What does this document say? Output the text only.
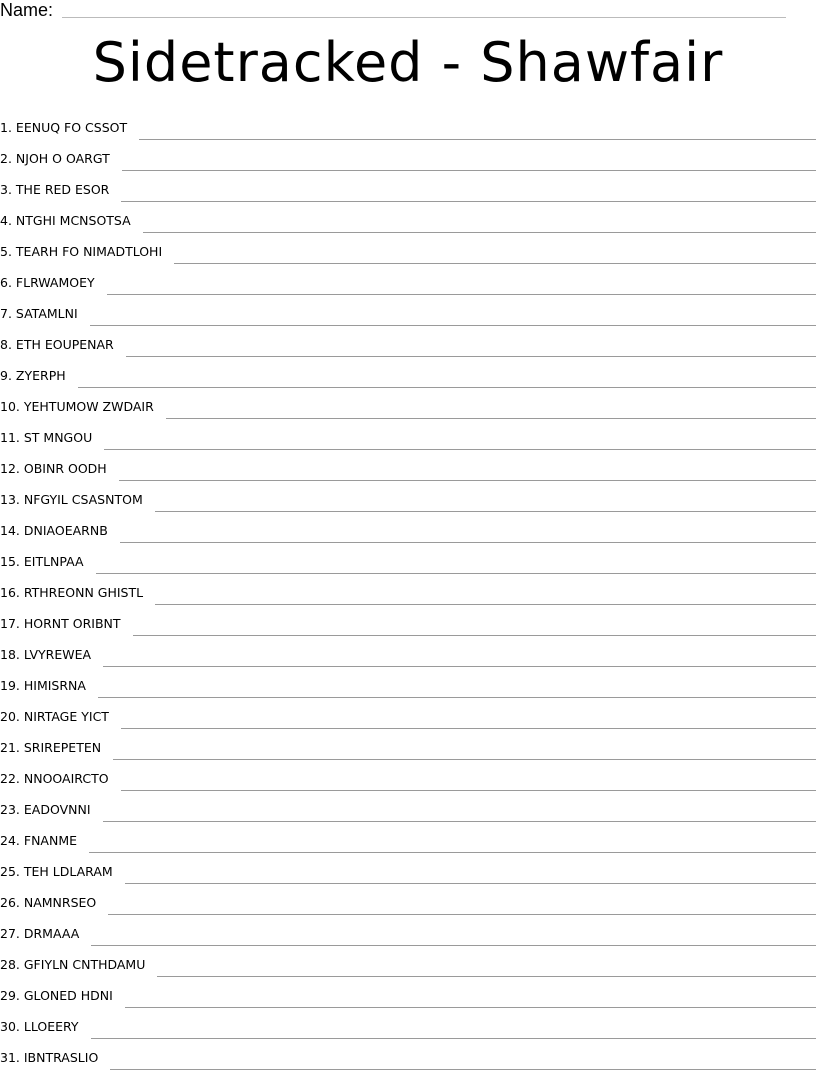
Name:
Sidetracked - Shawfair
1. EENUQ FO CSSOT
2. NJOH O OARGT
3. THE RED ESOR
4. NTGHI MCNSOTSA
5. TEARH FO NIMADTLOHI
6. FLRWAMOEY
7. SATAMLNI
8. ETH EOUPENAR
9. ZYERPH
10. YEHTUMOW ZWDAIR
11. ST MNGOU
12. OBINR OODH
13. NFGYIL CSASNTOM
14. DNIAOEARNB
15. EITLNPAA
16. RTHREONN GHISTL
17. HORNT ORIBNT
18. LVYREWEA
19. HIMISRNA
20. NIRTAGE YICT
21. SRIREPETEN
22. NNOOAIRCTO
23. EADOVNNI
24. FNANME
25. TEH LDLARAM
26. NAMNRSEO
27. DRMAAA
28. GFIYLN CNTHDAMU
29. GLONED HDNI
30. LLOEERY
31. IBNTRASLIO
